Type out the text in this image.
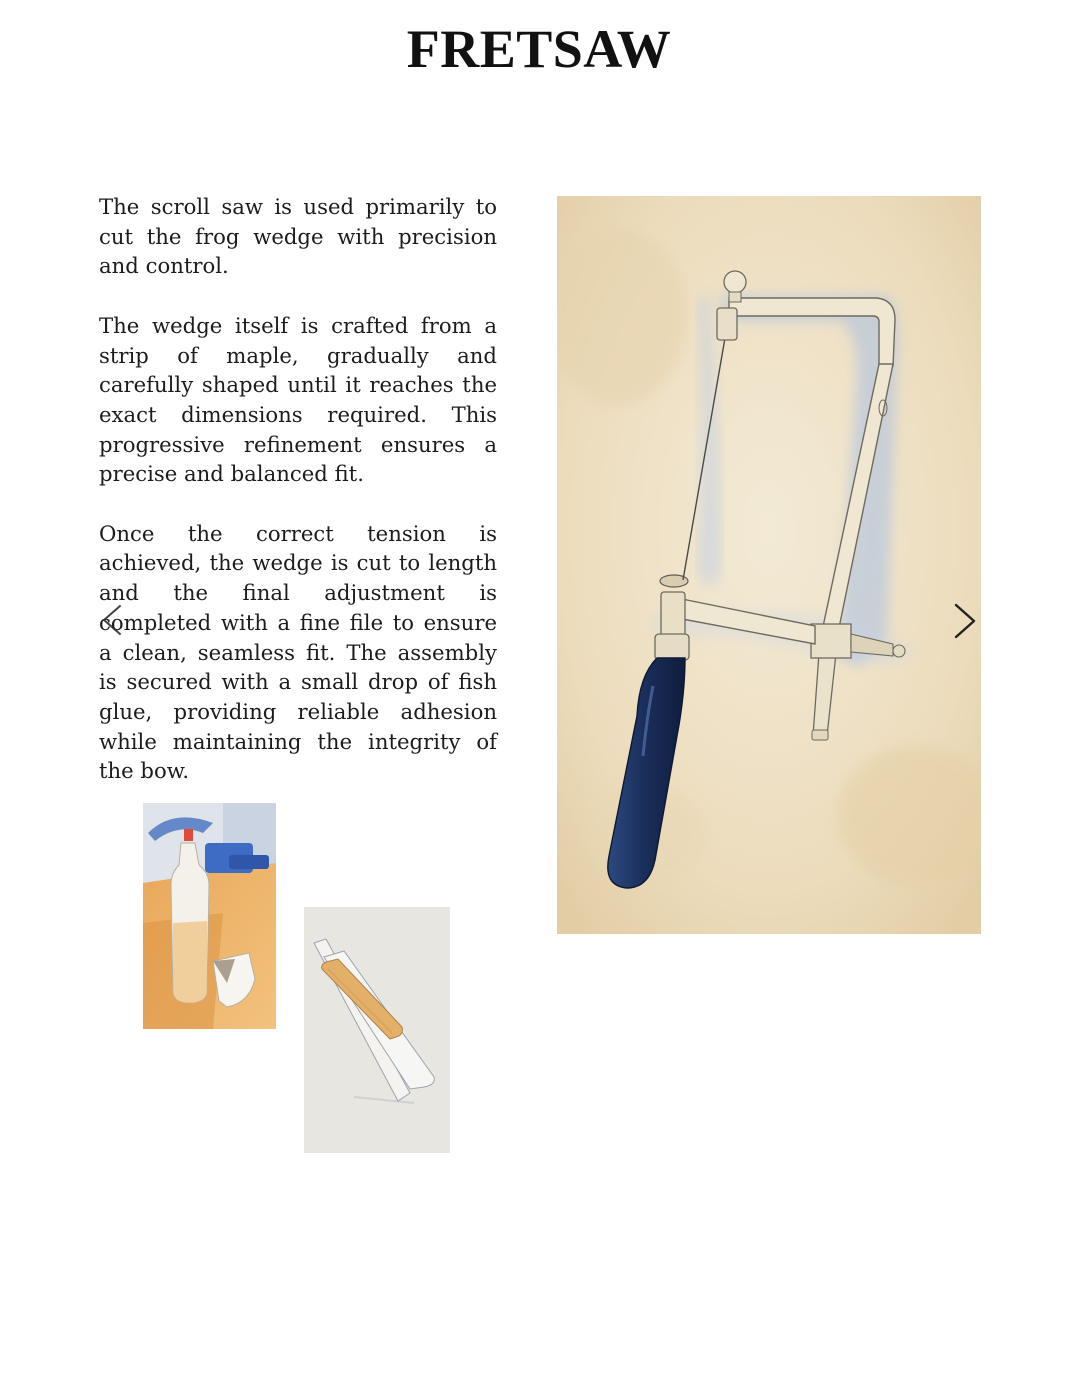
FRETSAW

The scroll saw is used primarily to cut the frog wedge with precision and control.

The wedge itself is crafted from a strip of maple, gradually and carefully shaped until it reaches the exact dimensions required. This progressive refinement ensures a precise and balanced fit.

Once the correct tension is achieved, the wedge is cut to length and the final adjustment is completed with a fine file to ensure a clean, seamless fit. The assembly is secured with a small drop of fish glue, providing reliable adhesion while maintaining the integrity of the bow.
